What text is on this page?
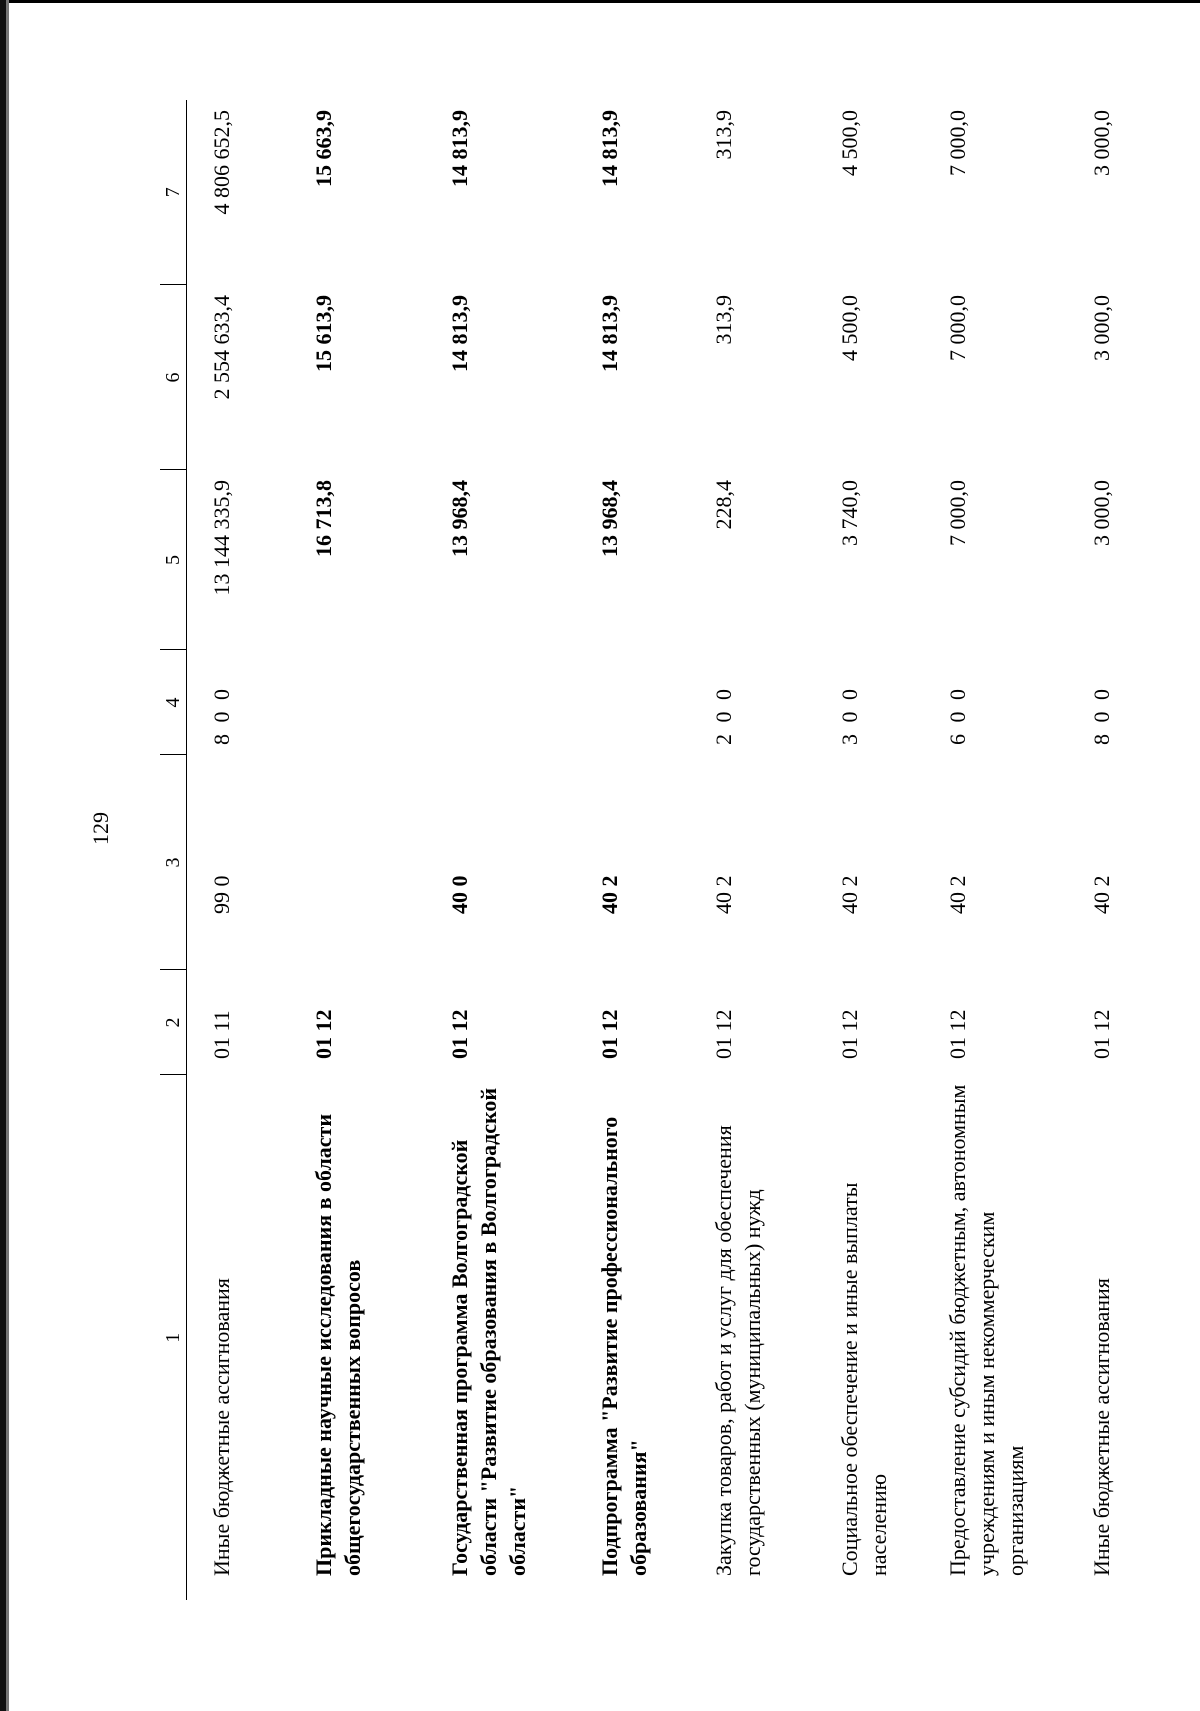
129
1	2	3	4	5	6	7
Иные бюджетные ассигнования	01 11	99 0	8 0 0	13 144 335,9	2 554 633,4	4 806 652,5
Прикладные научные исследования в области общегосударственных вопросов	01 12			16 713,8	15 613,9	15 663,9
Государственная программа Волгоградской области "Развитие образования в Волгоградской области"	01 12	40 0		13 968,4	14 813,9	14 813,9
Подпрограмма "Развитие профессионального образования"	01 12	40 2		13 968,4	14 813,9	14 813,9
Закупка товаров, работ и услуг для обеспечения государственных (муниципальных) нужд	01 12	40 2	2 0 0	228,4	313,9	313,9
Социальное обеспечение и иные выплаты населению	01 12	40 2	3 0 0	3 740,0	4 500,0	4 500,0
Предоставление субсидий бюджетным, автономным учреждениям и иным некоммерческим организациям	01 12	40 2	6 0 0	7 000,0	7 000,0	7 000,0
Иные бюджетные ассигнования	01 12	40 2	8 0 0	3 000,0	3 000,0	3 000,0
